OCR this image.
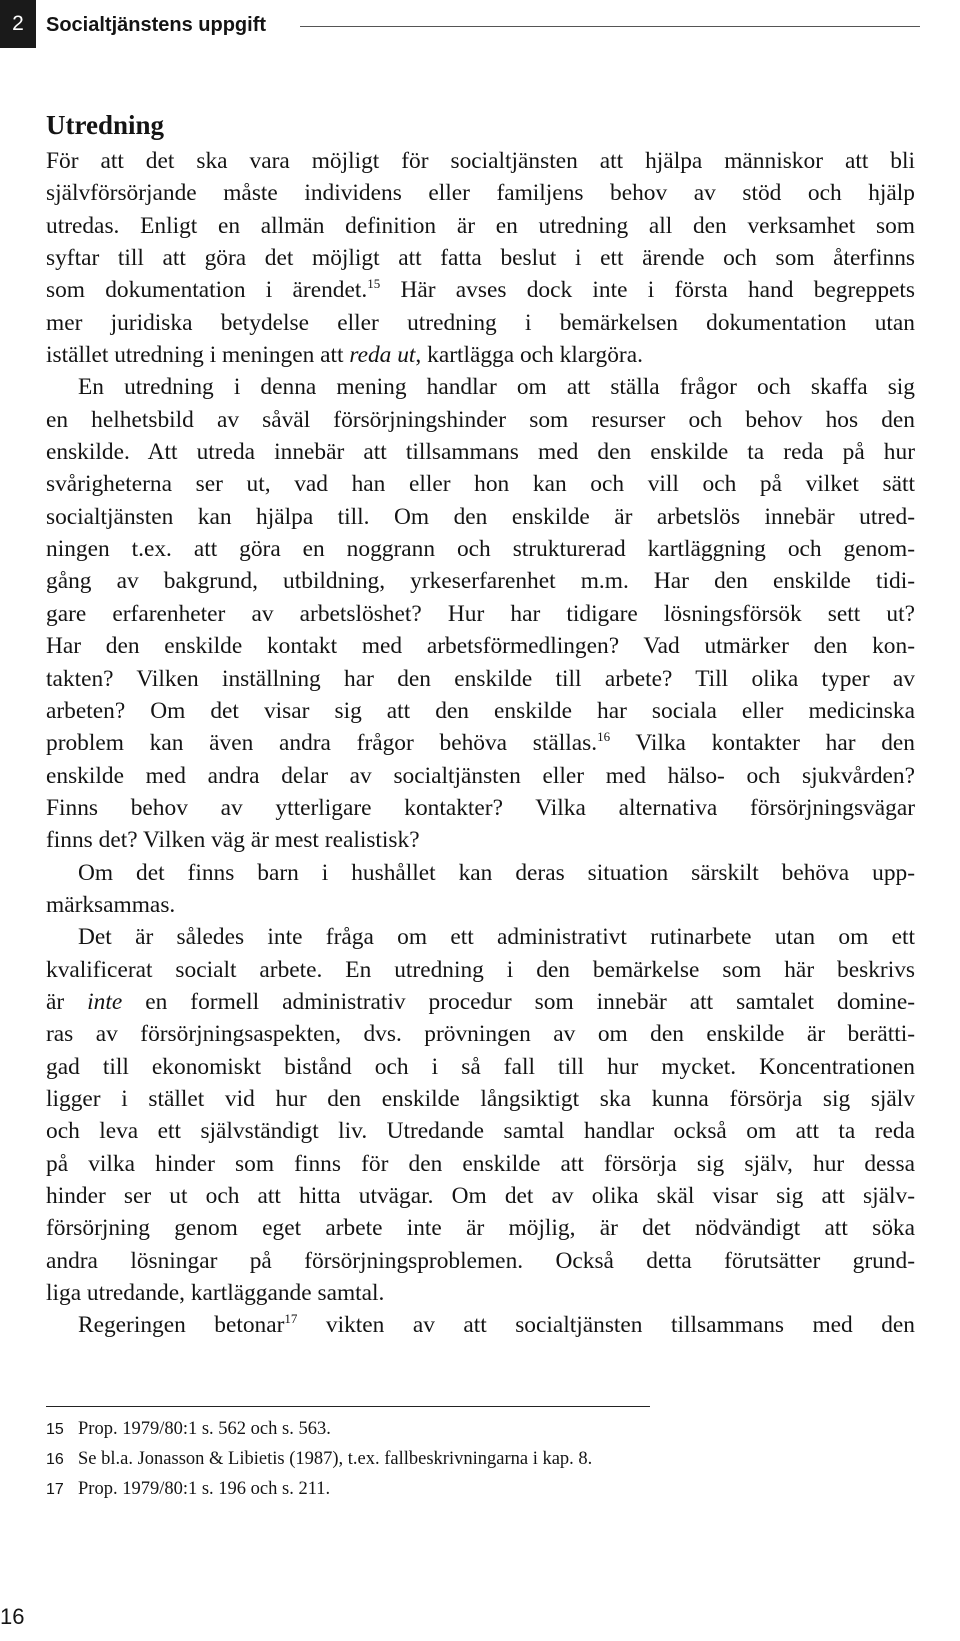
2	Socialtjänstens uppgift
Utredning
För att det ska vara möjligt för socialtjänsten att hjälpa människor att bli
självförsörjande måste individens eller familjens behov av stöd och hjälp
utredas. Enligt en allmän definition är en utredning all den verksamhet som
syftar till att göra det möjligt att fatta beslut i ett ärende och som återfinns
som dokumentation i ärendet.$^{15}$ Här avses dock inte i första hand begreppets
mer juridiska betydelse eller utredning i bemärkelsen dokumentation utan
istället utredning i meningen att reda ut, kartlägga och klargöra.
En utredning i denna mening handlar om att ställa frågor och skaffa sig
en helhetsbild av såväl försörjningshinder som resurser och behov hos den
enskilde. Att utreda innebär att tillsammans med den enskilde ta reda på hur
svårigheterna ser ut, vad han eller hon kan och vill och på vilket sätt
socialtjänsten kan hjälpa till. Om den enskilde är arbetslös innebär utred-
ningen t.ex. att göra en noggrann och strukturerad kartläggning och genom-
gång av bakgrund, utbildning, yrkeserfarenhet m.m. Har den enskilde tidi-
gare erfarenheter av arbetslöshet? Hur har tidigare lösningsförsök sett ut?
Har den enskilde kontakt med arbetsförmedlingen? Vad utmärker den kon-
takten? Vilken inställning har den enskilde till arbete? Till olika typer av
arbeten? Om det visar sig att den enskilde har sociala eller medicinska
problem kan även andra frågor behöva ställas.$^{16}$ Vilka kontakter har den
enskilde med andra delar av socialtjänsten eller med hälso- och sjukvården?
Finns behov av ytterligare kontakter? Vilka alternativa försörjningsvägar
finns det? Vilken väg är mest realistisk?
Om det finns barn i hushållet kan deras situation särskilt behöva upp-
märksammas.
Det är således inte fråga om ett administrativt rutinarbete utan om ett
kvalificerat socialt arbete. En utredning i den bemärkelse som här beskrivs
är inte en formell administrativ procedur som innebär att samtalet domine-
ras av försörjningsaspekten, dvs. prövningen av om den enskilde är berätti-
gad till ekonomiskt bistånd och i så fall till hur mycket. Koncentrationen
ligger i stället vid hur den enskilde långsiktigt ska kunna försörja sig själv
och leva ett självständigt liv. Utredande samtal handlar också om att ta reda
på vilka hinder som finns för den enskilde att försörja sig själv, hur dessa
hinder ser ut och att hitta utvägar. Om det av olika skäl visar sig att själv-
försörjning genom eget arbete inte är möjlig, är det nödvändigt att söka
andra lösningar på försörjningsproblemen. Också detta förutsätter grund-
liga utredande, kartläggande samtal.
Regeringen betonar$^{17}$ vikten av att socialtjänsten tillsammans med den
15 Prop. 1979/80:1 s. 562 och s. 563.
16 Se bl.a. Jonasson & Libietis (1987), t.ex. fallbeskrivningarna i kap. 8.
17 Prop. 1979/80:1 s. 196 och s. 211.
16
